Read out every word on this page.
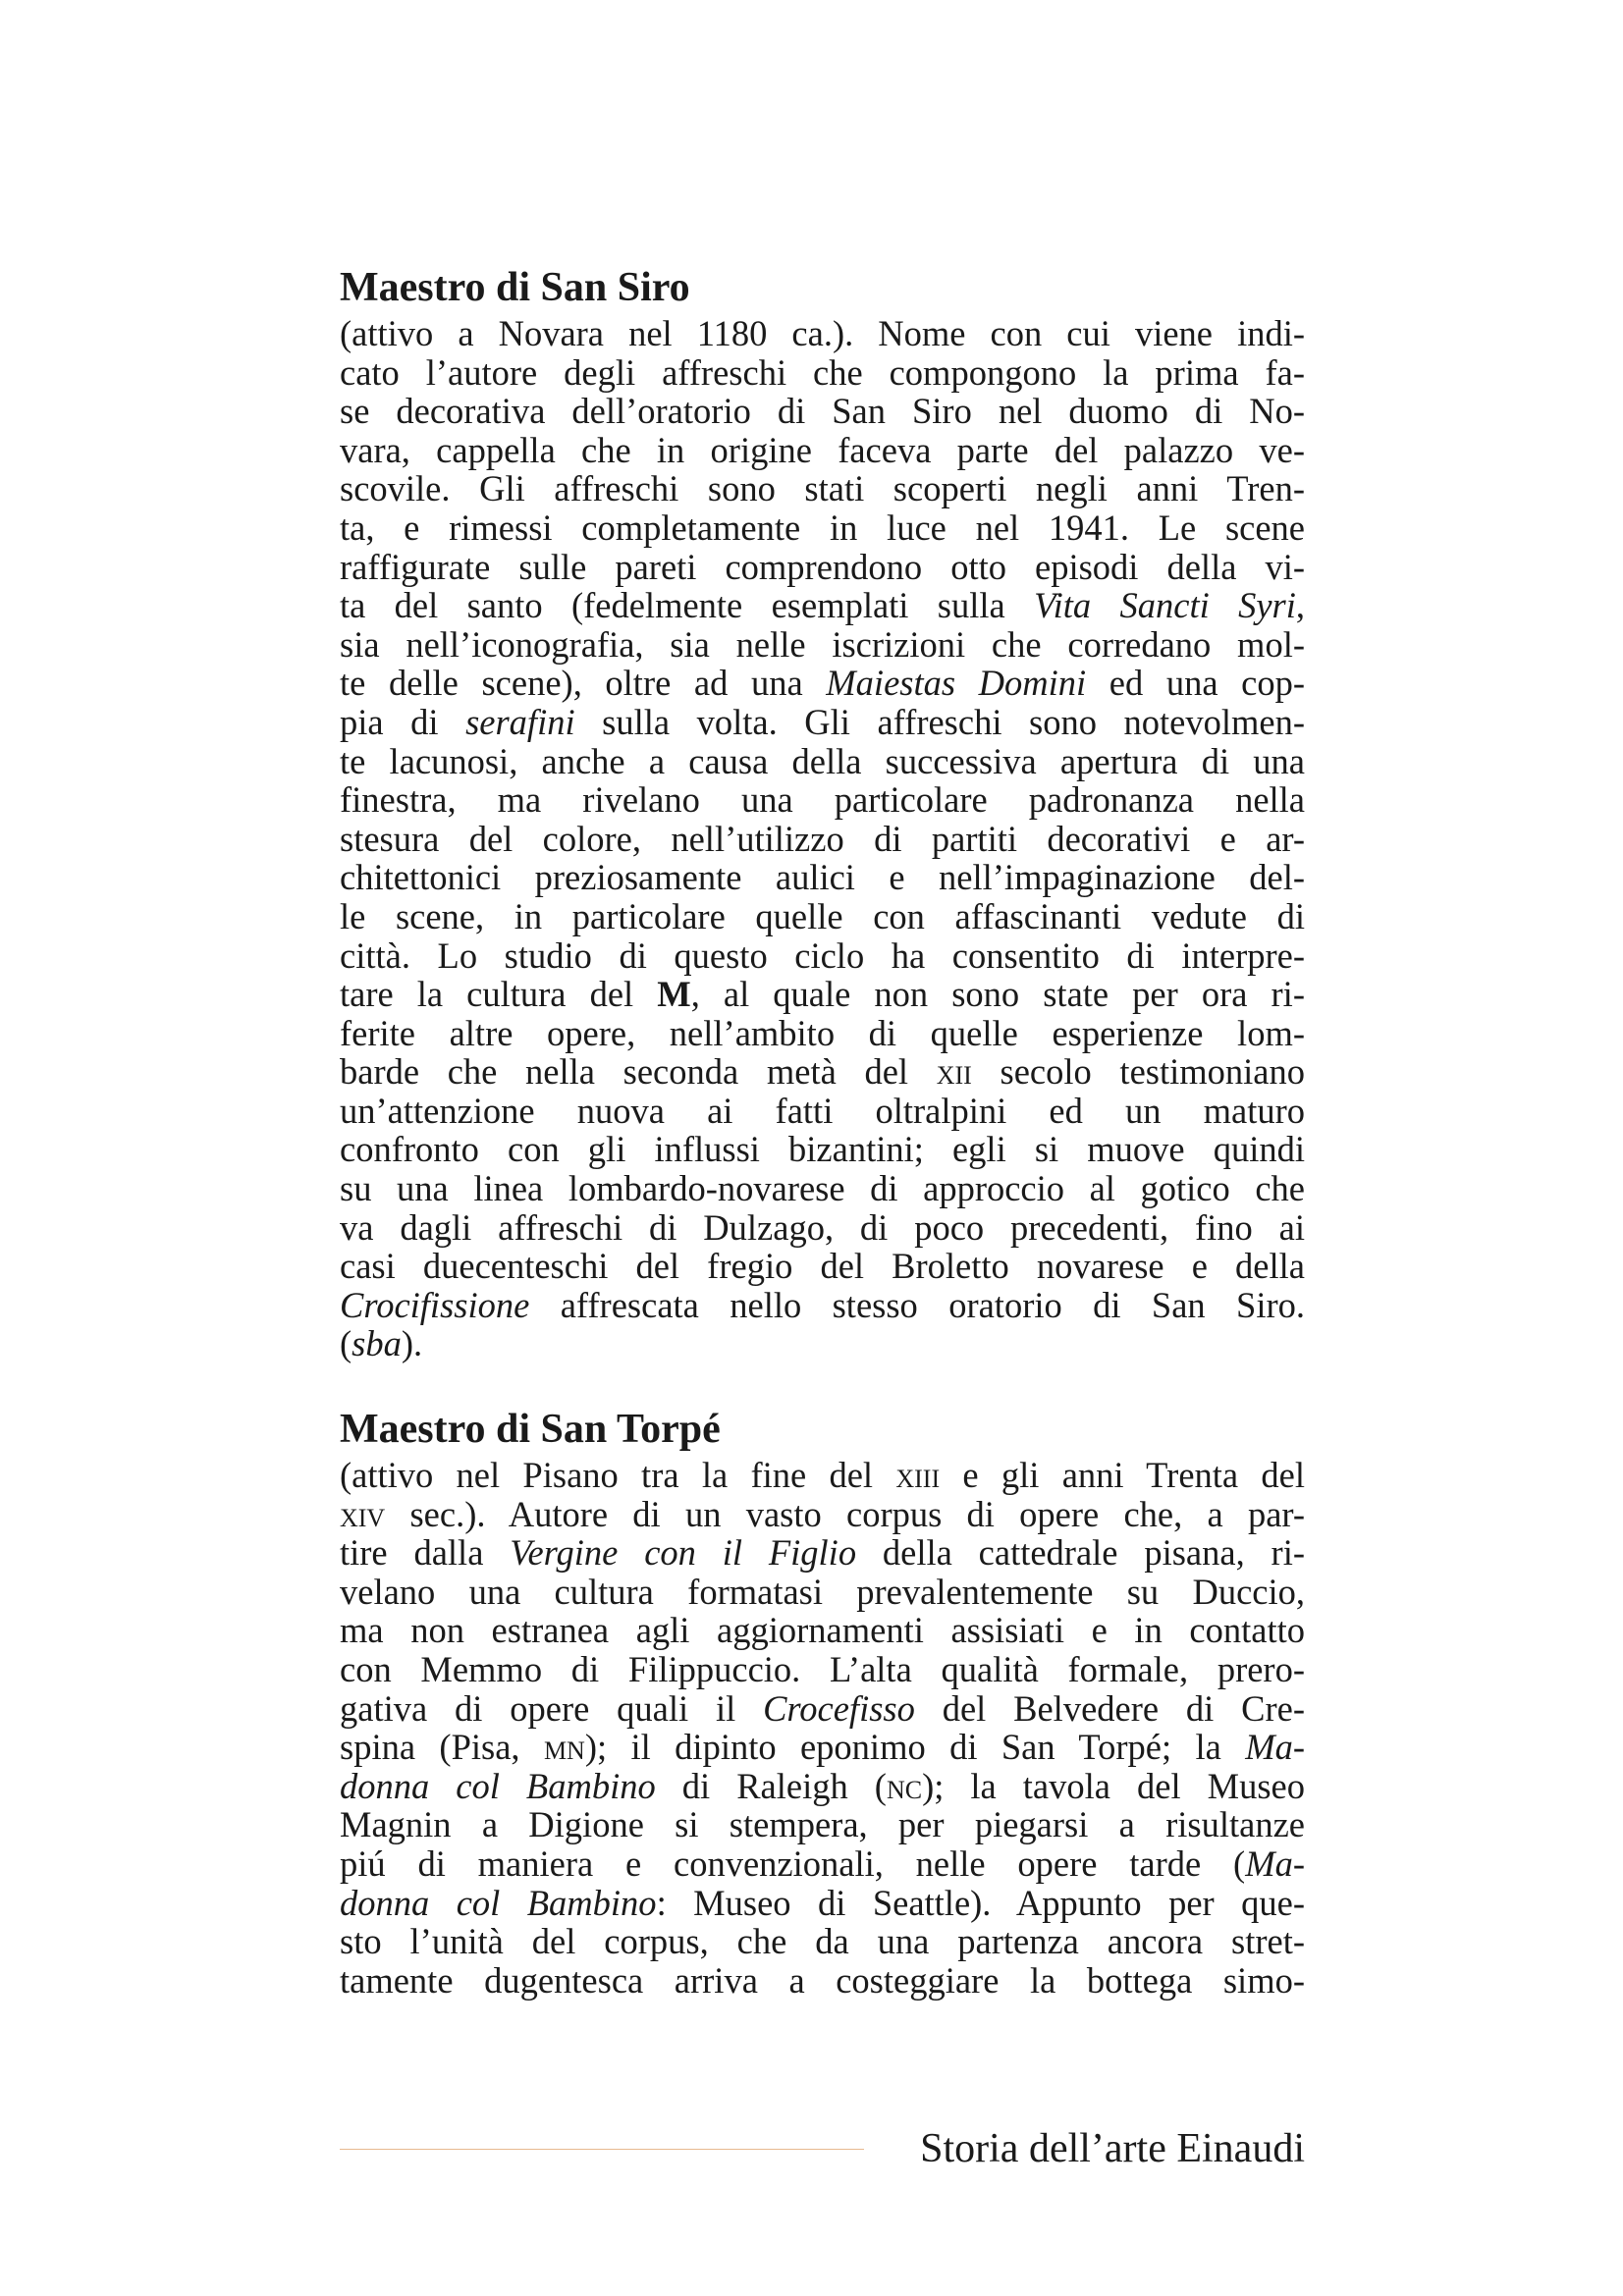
Maestro di San Siro

(attivo a Novara nel 1180 ca.). Nome con cui viene indi-
cato l’autore degli affreschi che compongono la prima fa-
se decorativa dell’oratorio di San Siro nel duomo di No-
vara, cappella che in origine faceva parte del palazzo ve-
scovile. Gli affreschi sono stati scoperti negli anni Tren-
ta, e rimessi completamente in luce nel 1941. Le scene
raffigurate sulle pareti comprendono otto episodi della vi-
ta del santo (fedelmente esemplati sulla Vita Sancti Syri,
sia nell’iconografia, sia nelle iscrizioni che corredano mol-
te delle scene), oltre ad una Maiestas Domini ed una cop-
pia di serafini sulla volta. Gli affreschi sono notevolmen-
te lacunosi, anche a causa della successiva apertura di una
finestra, ma rivelano una particolare padronanza nella
stesura del colore, nell’utilizzo di partiti decorativi e ar-
chitettonici preziosamente aulici e nell’impaginazione del-
le scene, in particolare quelle con affascinanti vedute di
città. Lo studio di questo ciclo ha consentito di interpre-
tare la cultura del M, al quale non sono state per ora ri-
ferite altre opere, nell’ambito di quelle esperienze lom-
barde che nella seconda metà del xii secolo testimoniano
un’attenzione nuova ai fatti oltralpini ed un maturo
confronto con gli influssi bizantini; egli si muove quindi
su una linea lombardo-novarese di approccio al gotico che
va dagli affreschi di Dulzago, di poco precedenti, fino ai
casi duecenteschi del fregio del Broletto novarese e della
Crocifissione affrescata nello stesso oratorio di San Siro.
(sba).

Maestro di San Torpé

(attivo nel Pisano tra la fine del xiii e gli anni Trenta del
xiv sec.). Autore di un vasto corpus di opere che, a par-
tire dalla Vergine con il Figlio della cattedrale pisana, ri-
velano una cultura formatasi prevalentemente su Duccio,
ma non estranea agli aggiornamenti assisiati e in contatto
con Memmo di Filippuccio. L’alta qualità formale, prero-
gativa di opere quali il Crocefisso del Belvedere di Cre-
spina (Pisa, mn); il dipinto eponimo di San Torpé; la Ma-
donna col Bambino di Raleigh (nc); la tavola del Museo
Magnin a Digione si stempera, per piegarsi a risultanze
piú di maniera e convenzionali, nelle opere tarde (Ma-
donna col Bambino: Museo di Seattle). Appunto per que-
sto l’unità del corpus, che da una partenza ancora stret-
tamente dugentesca arriva a costeggiare la bottega simo-

Storia dell’arte Einaudi
